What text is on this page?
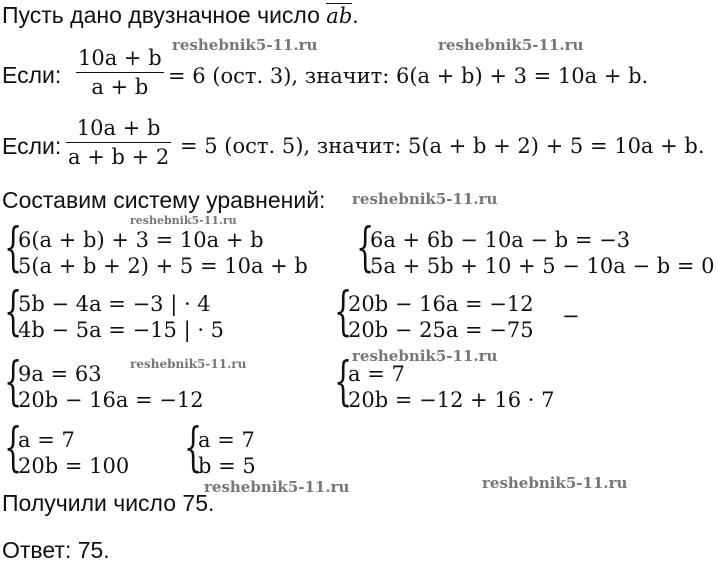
Пусть дано двузначное число ab.
Если:
10a + b
a + b = 6 (ост. 3), значит: 6(a + b) + 3 = 10a + b.
Если:
10a + b
a + b + 2 = 5 (ост. 5), значит: 5(a + b + 2) + 5 = 10a + b.
Составим систему уравнений:
{
6(a + b) + 3 = 10a + b
5(a + b + 2) + 5 = 10a + b {
6a + 6b − 10a − b = −3
5a + 5b + 10 + 5 − 10a − b = 0
{
5b − 4a = −3 | · 4
4b − 5a = −15 | · 5 {
20b − 16a = −12
20b − 25a = −75
−
{
9a = 63
20b − 16a = −12	{
a = 7
20b = −12 + 16 · 7
{
a = 7
20b = 100 {
a = 7
b = 5
Получили число 75.
Ответ: 75.
reshebnik5-11.ru	reshebnik5-11.ru
reshebnik5-11.ru
reshebnik5-11.ru
reshebnik5-11.ru
reshebnik5-11.ru
reshebnik5-11.ru	reshebnik5-11.ru
